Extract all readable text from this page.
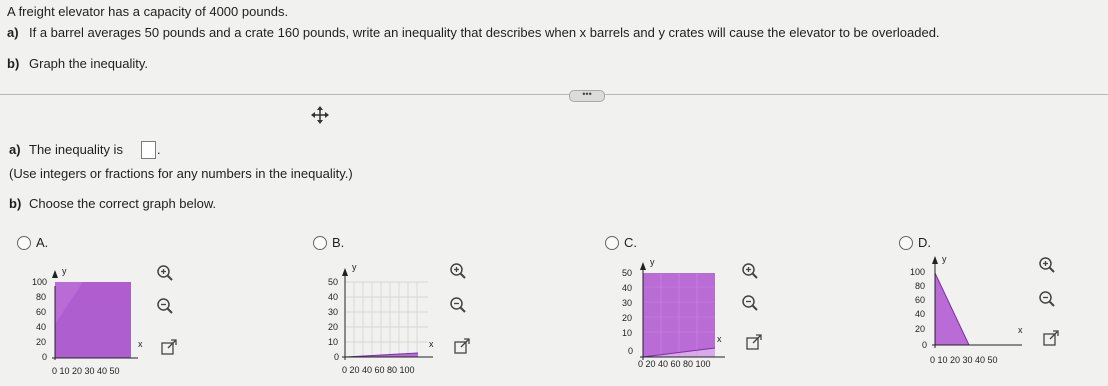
A freight elevator has a capacity of 4000 pounds.
a) If a barrel averages 50 pounds and a crate 160 pounds, write an inequality that describes when x barrels and y crates will cause the elevator to be overloaded.
b) Graph the inequality.
•••
a) The inequality is	.
(Use integers or fractions for any numbers in the inequality.)
b) Choose the correct graph below.
A.	B.	C.	D.
y
x
100
80
60
40
20
0
0 10 20 30 40 50
y
x
50
40
30
20
10
0
0 20 40 60 80 100
y
x
50
40
30
20
10
0
0 20 40 60 80 100
y
x
100
80
60
40
20
0
0 10 20 30 40 50
